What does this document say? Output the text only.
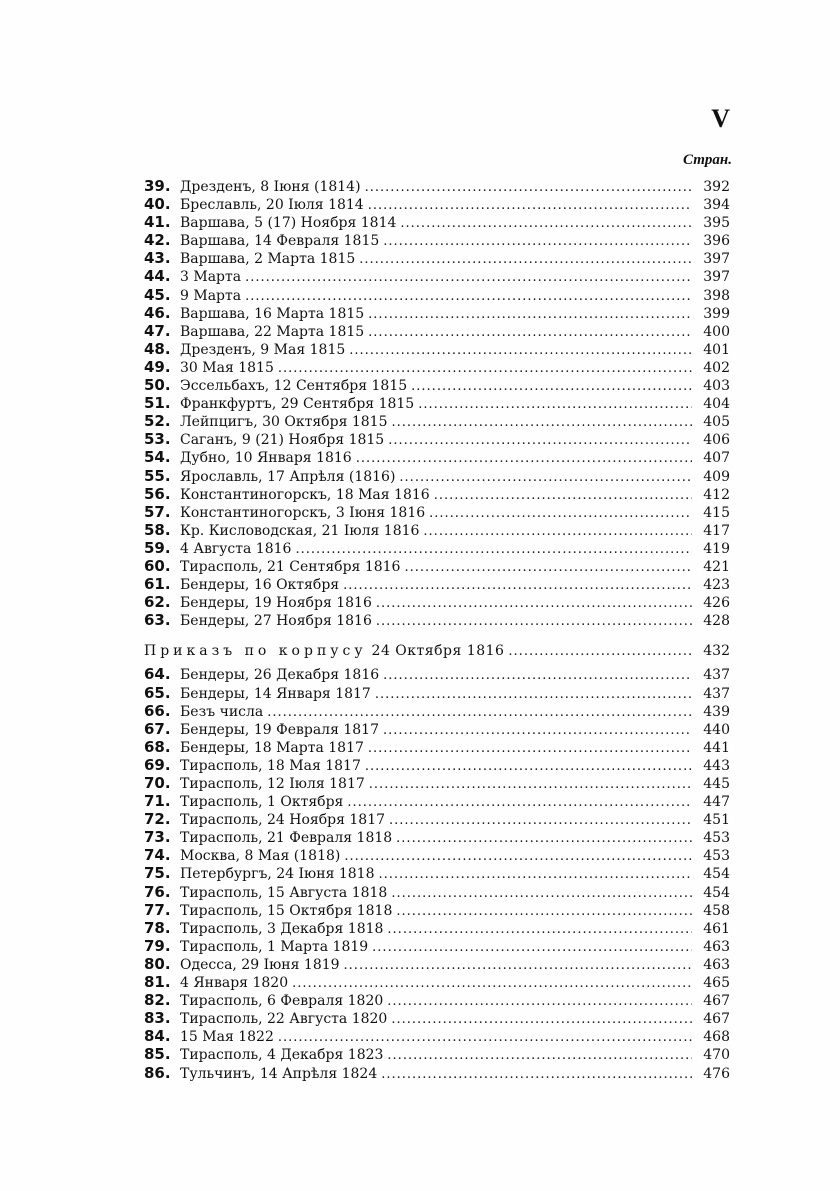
V
Стран.
39. Дрезденъ, 8 Іюня (1814) .....	392
40. Бреславль, 20 Іюля 1814 .....	394
41. Варшава, 5 (17) Ноября 1814 .....	395
42. Варшава, 14 Февраля 1815 .....	396
43. Варшава, 2 Марта 1815 .....	397
44. 3 Марта .....	397
45. 9 Марта .....	398
46. Варшава, 16 Марта 1815 .....	399
47. Варшава, 22 Марта 1815 .....	400
48. Дрезденъ, 9 Мая 1815 .....	401
49. 30 Мая 1815 .....	402
50. Эссельбахъ, 12 Сентября 1815 .....	403
51. Франкфуртъ, 29 Сентября 1815 .....	404
52. Лейпцигъ, 30 Октября 1815 .....	405
53. Саганъ, 9 (21) Ноября 1815 .....	406
54. Дубно, 10 Января 1816 .....	407
55. Ярославль, 17 Апрѣля (1816) .....	409
56. Константиногорскъ, 18 Мая 1816 .....	412
57. Константиногорскъ, 3 Іюня 1816 .....	415
58. Кр. Кисловодская, 21 Іюля 1816 .....	417
59. 4 Августа 1816 .....	419
60. Тирасполь, 21 Сентября 1816 .....	421
61. Бендеры, 16 Октября .....	423
62. Бендеры, 19 Ноября 1816 .....	426
63. Бендеры, 27 Ноября 1816 .....	428
Приказъ по корпусу 24 Октября 1816 .....	432
64. Бендеры, 26 Декабря 1816 .....	437
65. Бендеры, 14 Января 1817 .....	437
66. Безъ числа .....	439
67. Бендеры, 19 Февраля 1817 .....	440
68. Бендеры, 18 Марта 1817 .....	441
69. Тирасполь, 18 Мая 1817 .....	443
70. Тирасполь, 12 Іюля 1817 .....	445
71. Тирасполь, 1 Октября .....	447
72. Тирасполь, 24 Ноября 1817 .....	451
73. Тирасполь, 21 Февраля 1818 .....	453
74. Москва, 8 Мая (1818) .....	453
75. Петербургъ, 24 Іюня 1818 .....	454
76. Тирасполь, 15 Августа 1818 .....	454
77. Тирасполь, 15 Октября 1818 .....	458
78. Тирасполь, 3 Декабря 1818 .....	461
79. Тирасполь, 1 Марта 1819 .....	463
80. Одесса, 29 Іюня 1819 .....	463
81. 4 Января 1820 .....	465
82. Тирасполь, 6 Февраля 1820 .....	467
83. Тирасполь, 22 Августа 1820 .....	467
84. 15 Мая 1822 .....	468
85. Тирасполь, 4 Декабря 1823 .....	470
86. Тульчинъ, 14 Апрѣля 1824 .....	476
